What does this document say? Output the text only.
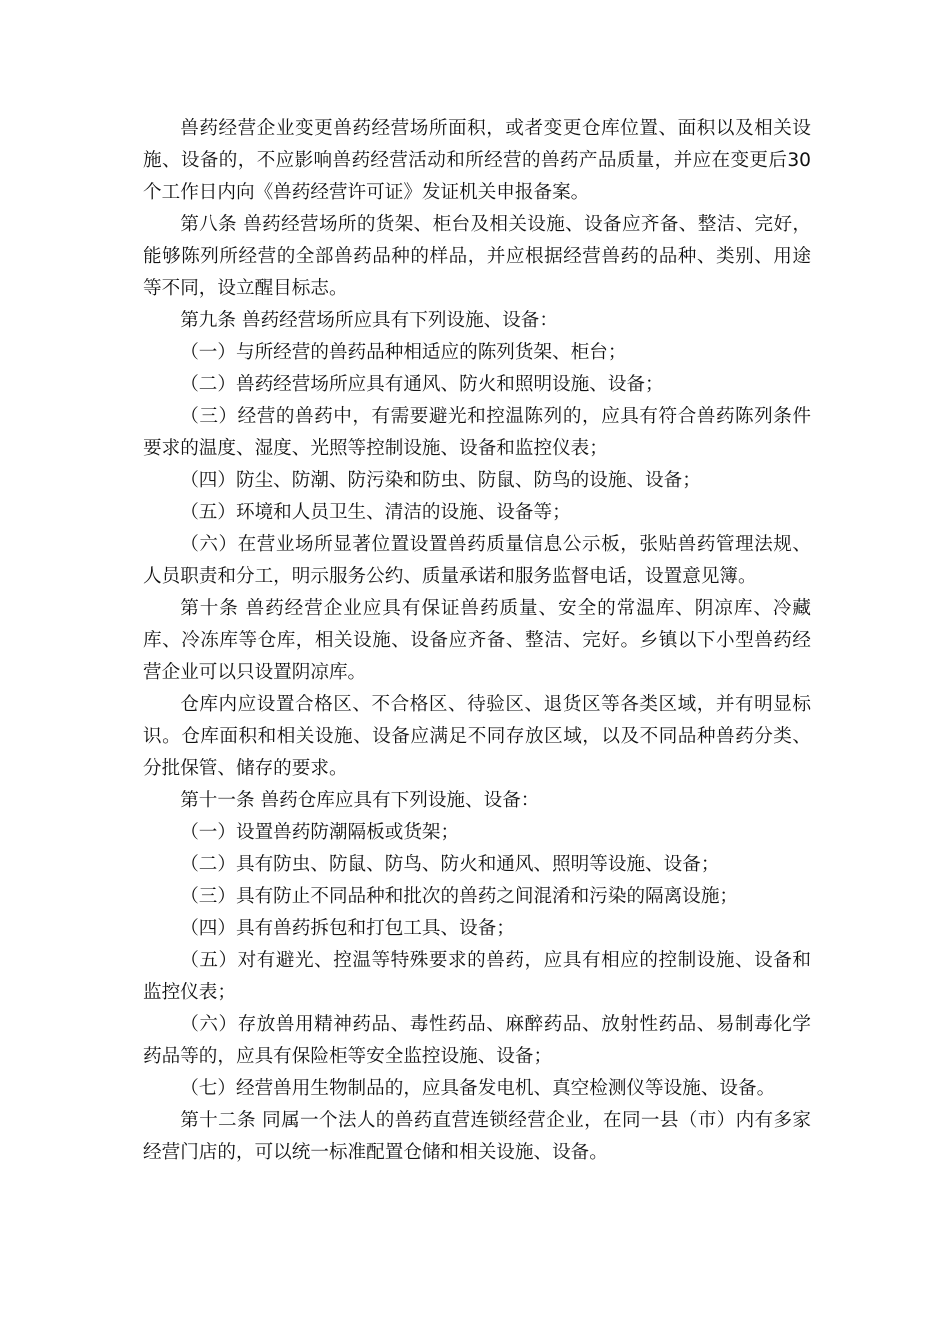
兽药经营企业变更兽药经营场所面积，或者变更仓库位置、面积以及相关设施、设备的，不应影响兽药经营活动和所经营的兽药产品质量，并应在变更后30个工作日内向《兽药经营许可证》发证机关申报备案。

第八条 兽药经营场所的货架、柜台及相关设施、设备应齐备、整洁、完好，能够陈列所经营的全部兽药品种的样品，并应根据经营兽药的品种、类别、用途等不同，设立醒目标志。

第九条 兽药经营场所应具有下列设施、设备：

（一）与所经营的兽药品种相适应的陈列货架、柜台；

（二）兽药经营场所应具有通风、防火和照明设施、设备；

（三）经营的兽药中，有需要避光和控温陈列的，应具有符合兽药陈列条件要求的温度、湿度、光照等控制设施、设备和监控仪表；

（四）防尘、防潮、防污染和防虫、防鼠、防鸟的设施、设备；

（五）环境和人员卫生、清洁的设施、设备等；

（六）在营业场所显著位置设置兽药质量信息公示板，张贴兽药管理法规、人员职责和分工，明示服务公约、质量承诺和服务监督电话，设置意见簿。

第十条 兽药经营企业应具有保证兽药质量、安全的常温库、阴凉库、冷藏库、冷冻库等仓库，相关设施、设备应齐备、整洁、完好。乡镇以下小型兽药经营企业可以只设置阴凉库。

仓库内应设置合格区、不合格区、待验区、退货区等各类区域，并有明显标识。仓库面积和相关设施、设备应满足不同存放区域，以及不同品种兽药分类、分批保管、储存的要求。

第十一条 兽药仓库应具有下列设施、设备：

（一）设置兽药防潮隔板或货架；

（二）具有防虫、防鼠、防鸟、防火和通风、照明等设施、设备；

（三）具有防止不同品种和批次的兽药之间混淆和污染的隔离设施；

（四）具有兽药拆包和打包工具、设备；

（五）对有避光、控温等特殊要求的兽药，应具有相应的控制设施、设备和监控仪表；

（六）存放兽用精神药品、毒性药品、麻醉药品、放射性药品、易制毒化学药品等的，应具有保险柜等安全监控设施、设备；

（七）经营兽用生物制品的，应具备发电机、真空检测仪等设施、设备。

第十二条 同属一个法人的兽药直营连锁经营企业，在同一县（市）内有多家经营门店的，可以统一标准配置仓储和相关设施、设备。
